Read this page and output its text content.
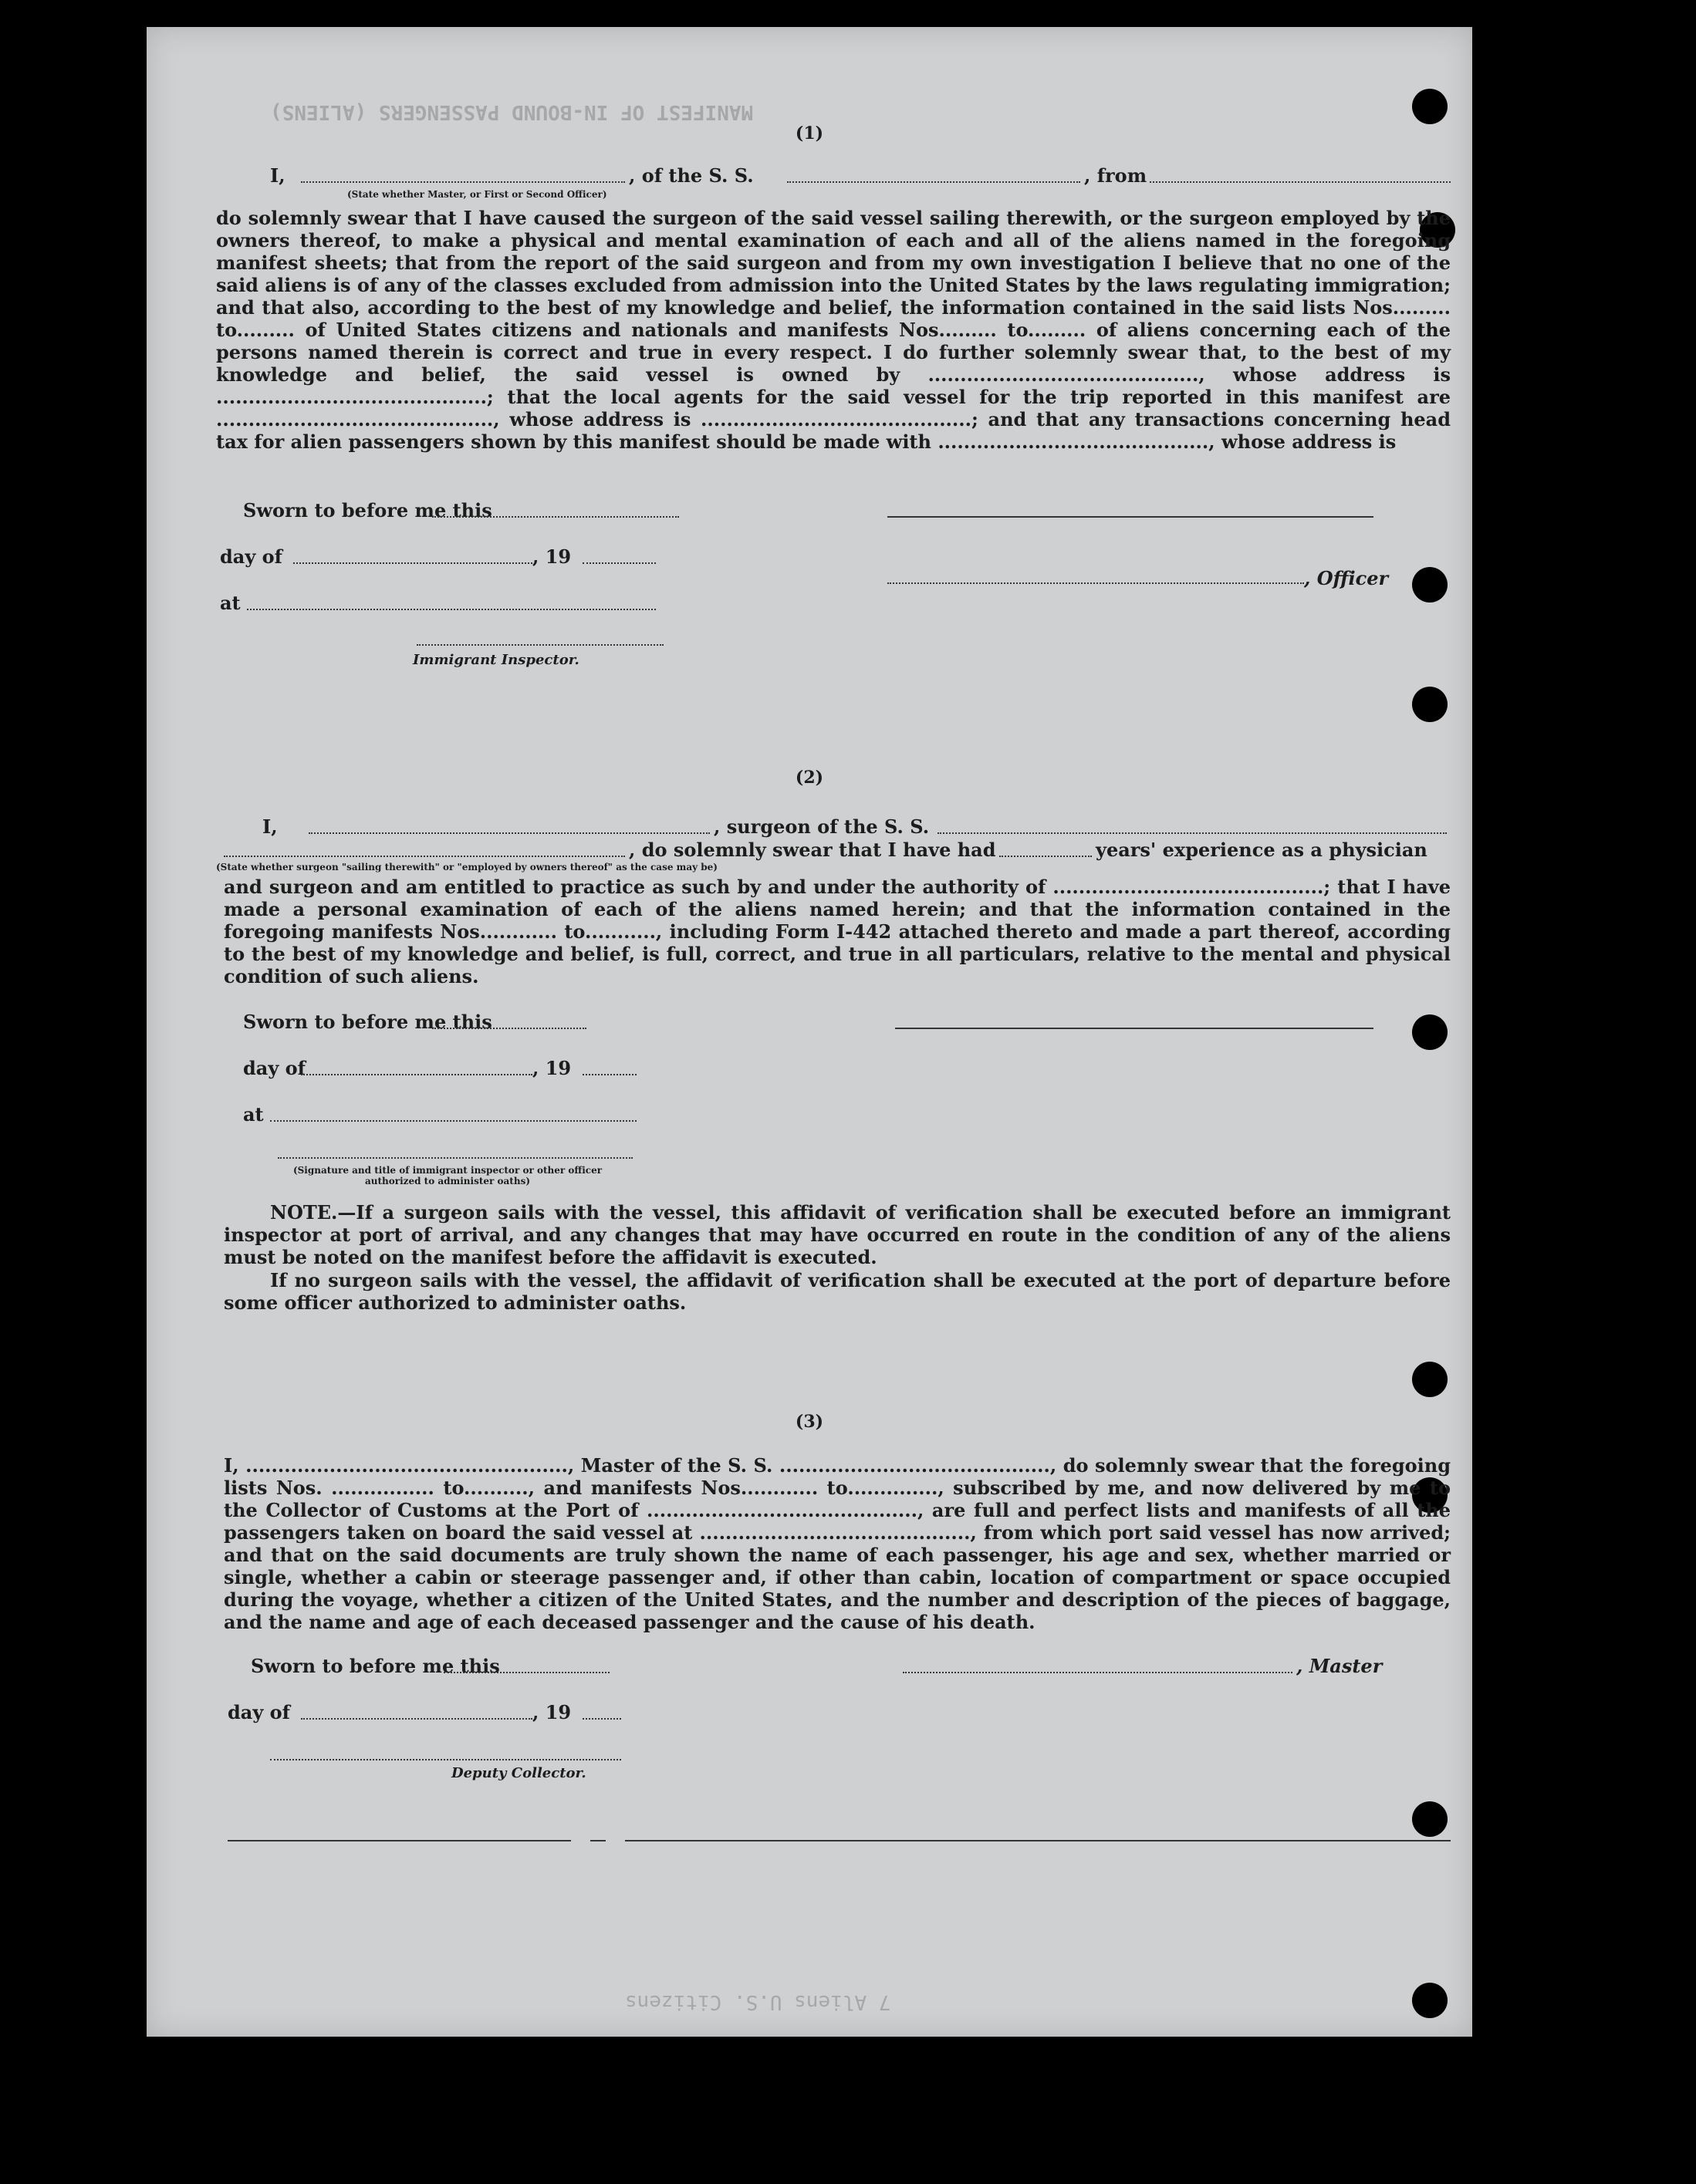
MANIFEST OF IN-BOUND PASSENGERS (ALIENS)
7 Aliens U.S. Citizens
(1)
I,	, of the S. S.	, from
(State whether Master, or First or Second Officer)
do solemnly swear that I have caused the surgeon of the said vessel sailing therewith, or the surgeon employed by the owners thereof, to make a physical and mental examination of each and all of the aliens named in the foregoing manifest sheets; that from the report of the said surgeon and from my own investigation I believe that no one of the said aliens is of any of the classes excluded from admission into the United States by the laws regulating immigration; and that also, according to the best of my knowledge and belief, the information contained in the said lists Nos......... to......... of United States citizens and nationals and manifests Nos......... to......... of aliens concerning each of the persons named therein is correct and true in every respect. I do further solemnly swear that, to the best of my knowledge and belief, the said vessel is owned by .........................................., whose address is ..........................................; that the local agents for the said vessel for the trip reported in this manifest are ..........................................., whose address is ..........................................; and that any transactions concerning head tax for alien passengers shown by this manifest should be made with .........................................., whose address is
Sworn to before me this
day of	, 19
, Officer
at
Immigrant Inspector.
(2)
I,	, surgeon of the S. S.
, do solemnly swear that I have had	years' experience as a physician
(State whether surgeon "sailing therewith" or "employed by owners thereof" as the case may be)
and surgeon and am entitled to practice as such by and under the authority of ..........................................; that I have made a personal examination of each of the aliens named herein; and that the information contained in the foregoing manifests Nos............ to..........., including Form I-442 attached thereto and made a part thereof, according to the best of my knowledge and belief, is full, correct, and true in all particulars, relative to the mental and physical condition of such aliens.
Sworn to before me this
day of	, 19
at
(Signature and title of immigrant inspector or other officer authorized to administer oaths)
NOTE.—If a surgeon sails with the vessel, this affidavit of verification shall be executed before an immigrant inspector at port of arrival, and any changes that may have occurred en route in the condition of any of the aliens must be noted on the manifest before the affidavit is executed.
If no surgeon sails with the vessel, the affidavit of verification shall be executed at the port of departure before some officer authorized to administer oaths.
(3)
I, .................................................., Master of the S. S. .........................................., do solemnly swear that the foregoing lists Nos. ................ to.........., and manifests Nos............ to.............., subscribed by me, and now delivered by me to the Collector of Customs at the Port of .........................................., are full and perfect lists and manifests of all the passengers taken on board the said vessel at .........................................., from which port said vessel has now arrived; and that on the said documents are truly shown the name of each passenger, his age and sex, whether married or single, whether a cabin or steerage passenger and, if other than cabin, location of compartment or space occupied during the voyage, whether a citizen of the United States, and the number and description of the pieces of baggage, and the name and age of each deceased passenger and the cause of his death.
Sworn to before me this	, Master
day of	, 19
Deputy Collector.
